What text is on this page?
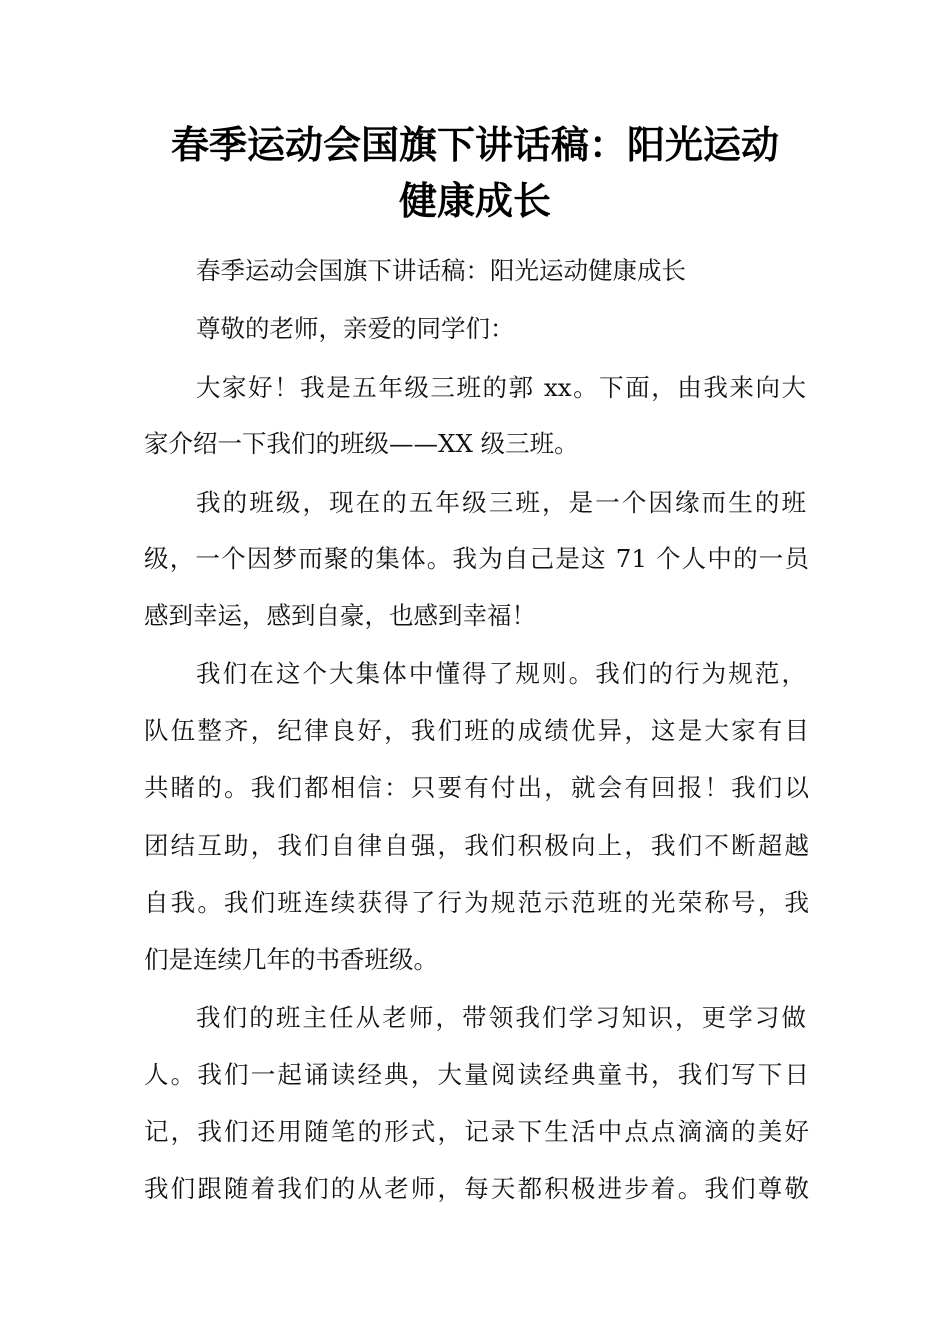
春季运动会国旗下讲话稿：阳光运动
健康成长
春季运动会国旗下讲话稿：阳光运动健康成长
尊敬的老师，亲爱的同学们：
大家好！我是五年级三班的郭 xx。下面，由我来向大
家介绍一下我们的班级——XX 级三班。
我的班级，现在的五年级三班，是一个因缘而生的班
级，一个因梦而聚的集体。我为自己是这 71 个人中的一员
感到幸运，感到自豪，也感到幸福！
我们在这个大集体中懂得了规则。我们的行为规范，
队伍整齐，纪律良好，我们班的成绩优异，这是大家有目
共睹的。我们都相信：只要有付出，就会有回报！我们以
团结互助，我们自律自强，我们积极向上，我们不断超越
自我。我们班连续获得了行为规范示范班的光荣称号，我
们是连续几年的书香班级。
我们的班主任从老师，带领我们学习知识，更学习做
人。我们一起诵读经典，大量阅读经典童书，我们写下日
记，我们还用随笔的形式，记录下生活中点点滴滴的美好
我们跟随着我们的从老师，每天都积极进步着。我们尊敬
